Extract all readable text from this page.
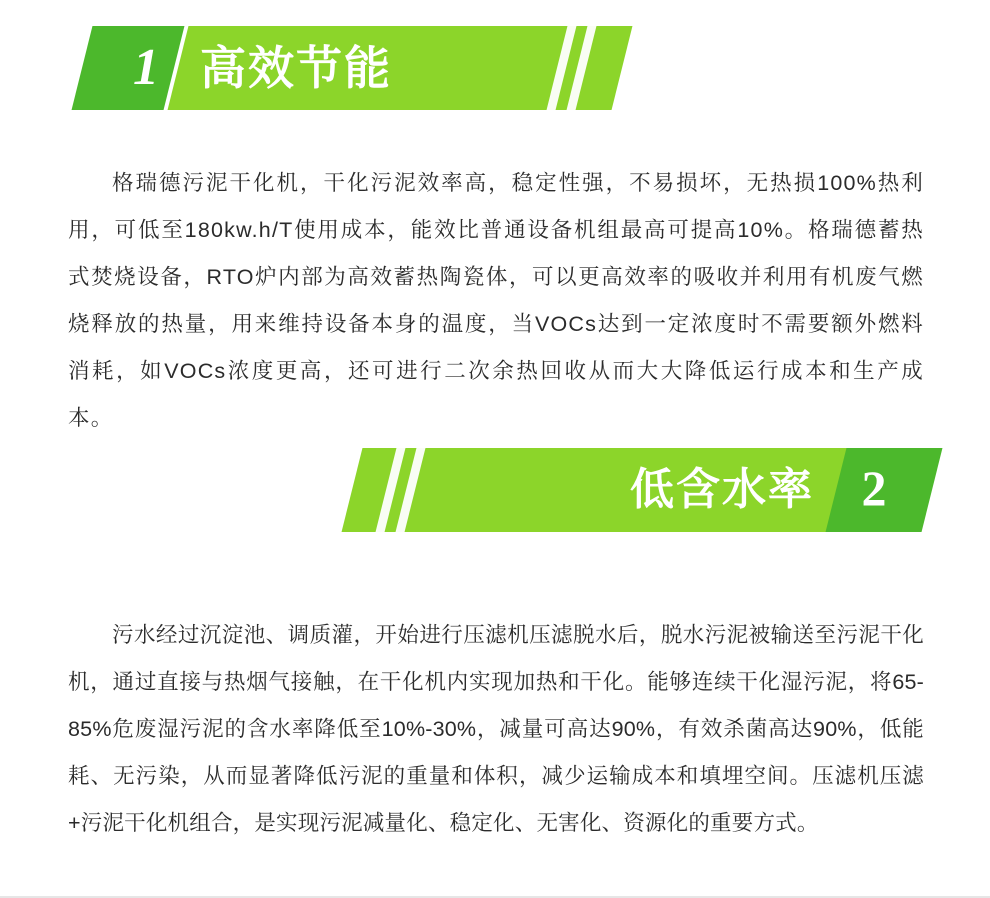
1 高效节能

格瑞德污泥干化机，干化污泥效率高，稳定性强，不易损坏，无热损100%热利用，可低至180kw.h/T使用成本，能效比普通设备机组最高可提高10%。格瑞德蓄热式焚烧设备，RTO炉内部为高效蓄热陶瓷体，可以更高效率的吸收并利用有机废气燃烧释放的热量，用来维持设备本身的温度，当VOCs达到一定浓度时不需要额外燃料消耗，如VOCs浓度更高，还可进行二次余热回收从而大大降低运行成本和生产成本。

低含水率 2

污水经过沉淀池、调质灌，开始进行压滤机压滤脱水后，脱水污泥被输送至污泥干化机，通过直接与热烟气接触，在干化机内实现加热和干化。能够连续干化湿污泥，将65-85%危废湿污泥的含水率降低至10%-30%，减量可高达90%，有效杀菌高达90%，低能耗、无污染，从而显著降低污泥的重量和体积，减少运输成本和填埋空间。压滤机压滤+污泥干化机组合，是实现污泥减量化、稳定化、无害化、资源化的重要方式。
